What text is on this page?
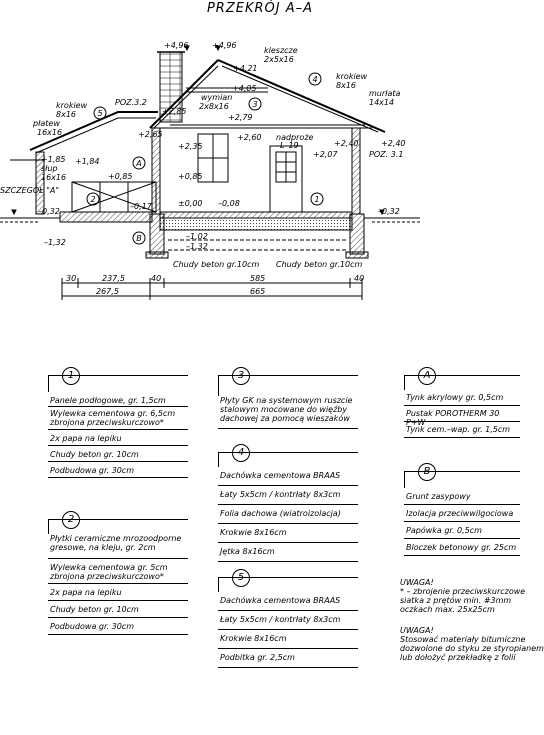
PRZEKRÓJ A–A
+4,96	+4,96
kleszcze
2x5x16
+4,21
krokiew
8x16
+4,05
wymian
2x8x16
murłata
14x14
krokiew
8x16
POZ.3.2
+2,85
+2,79
płatew
16x16	+2,65	+2,60 nadproże
L–19
+2,35	+2,40	+2,40
+2,07	POZ. 3.1
+1,85 +1,84
słup
16x16	+0,85
+0,85
SZCZEGÓŁ "A"
±0,00 –0,08
–0,17
–0,32	–0,32
–1,02
–1,32
–1,32
Chudy beton gr.10cm Chudy beton gr.10cm
A
B
1
2
3
4
5
30	237,5	40	585	40
267,5	665
1
Panele podłogowe, gr. 1,5cm
Wylewka cementowa gr. 6,5cm
zbrojona przeciwskurczowo*
2x papa na lepiku
Chudy beton gr. 10cm
Podbudowa gr. 30cm
2
Płytki ceramiczne mrozoodporne
gresowe, na kleju, gr. 2cm
Wylewka cementowa gr. 5cm
zbrojona przeciwskurczowo*
2x papa na lepiku
Chudy beton gr. 10cm
Podbudowa gr. 30cm
3
Płyty GK na systemowym ruszcie
stalowym mocowane do więźby
dachowej za pomocą wieszaków
4
Dachówka cementowa BRAAS
Łaty 5x5cm / kontrłaty 8x3cm
Folia dachowa (wiatroizolacja)
Krokwie 8x16cm
Jętka 8x16cm
5
Dachówka cementowa BRAAS
Łaty 5x5cm / kontrłaty 8x3cm
Krokwie 8x16cm
Podbitka gr. 2,5cm
A
Tynk akrylowy gr. 0,5cm
Pustak POROTHERM 30 P+W
Tynk cem.–wap. gr. 1,5cm
B
Grunt zasypowy
Izolacja przeciwwilgociowa
Papówka gr. 0,5cm
Bloczek betonowy gr. 25cm
UWAGA!
* – zbrojenie przeciwskurczowe
siatka z prętów min. #3mm
oczkach max. 25x25cm
UWAGA!
Stosować materiały bitumiczne
dozwolone do styku ze styropianem
lub dołożyć przekładkę z folii
